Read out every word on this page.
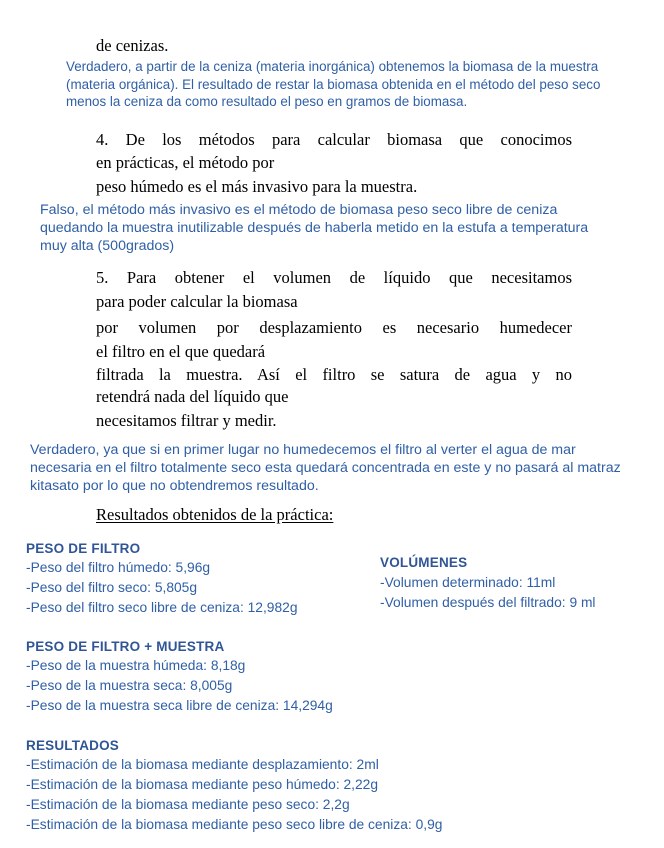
de cenizas.
Verdadero, a partir de la ceniza (materia inorgánica) obtenemos la biomasa de la muestra (materia orgánica). El resultado de restar la biomasa obtenida en el método del peso seco menos la ceniza da como resultado el peso en gramos de biomasa.
4. De los métodos para calcular biomasa que conocimos
en prácticas, el método por
peso húmedo es el más invasivo para la muestra.
Falso, el método más invasivo es el método de biomasa peso seco libre de ceniza quedando la muestra inutilizable después de haberla metido en la estufa a temperatura muy alta (500grados)
5. Para obtener el volumen de líquido que necesitamos
para poder calcular la biomasa
por volumen por desplazamiento es necesario humedecer
el filtro en el que quedará
filtrada la muestra. Así el filtro se satura de agua y no
retendrá nada del líquido que
necesitamos filtrar y medir.
Verdadero, ya que si en primer lugar no humedecemos el filtro al verter el agua de mar necesaria en el filtro totalmente seco esta quedará concentrada en este y no pasará al matraz kitasato por lo que no obtendremos resultado.
Resultados obtenidos de la práctica:
PESO DE FILTRO
-Peso del filtro húmedo: 5,96g
-Peso del filtro seco: 5,805g
-Peso del filtro seco libre de ceniza: 12,982g
VOLÚMENES
-Volumen determinado: 11ml
-Volumen después del filtrado: 9 ml
PESO DE FILTRO + MUESTRA
-Peso de la muestra húmeda: 8,18g
-Peso de la muestra seca: 8,005g
-Peso de la muestra seca libre de ceniza: 14,294g
RESULTADOS
-Estimación de la biomasa mediante desplazamiento: 2ml
-Estimación de la biomasa mediante peso húmedo: 2,22g
-Estimación de la biomasa mediante peso seco: 2,2g
-Estimación de la biomasa mediante peso seco libre de ceniza: 0,9g
